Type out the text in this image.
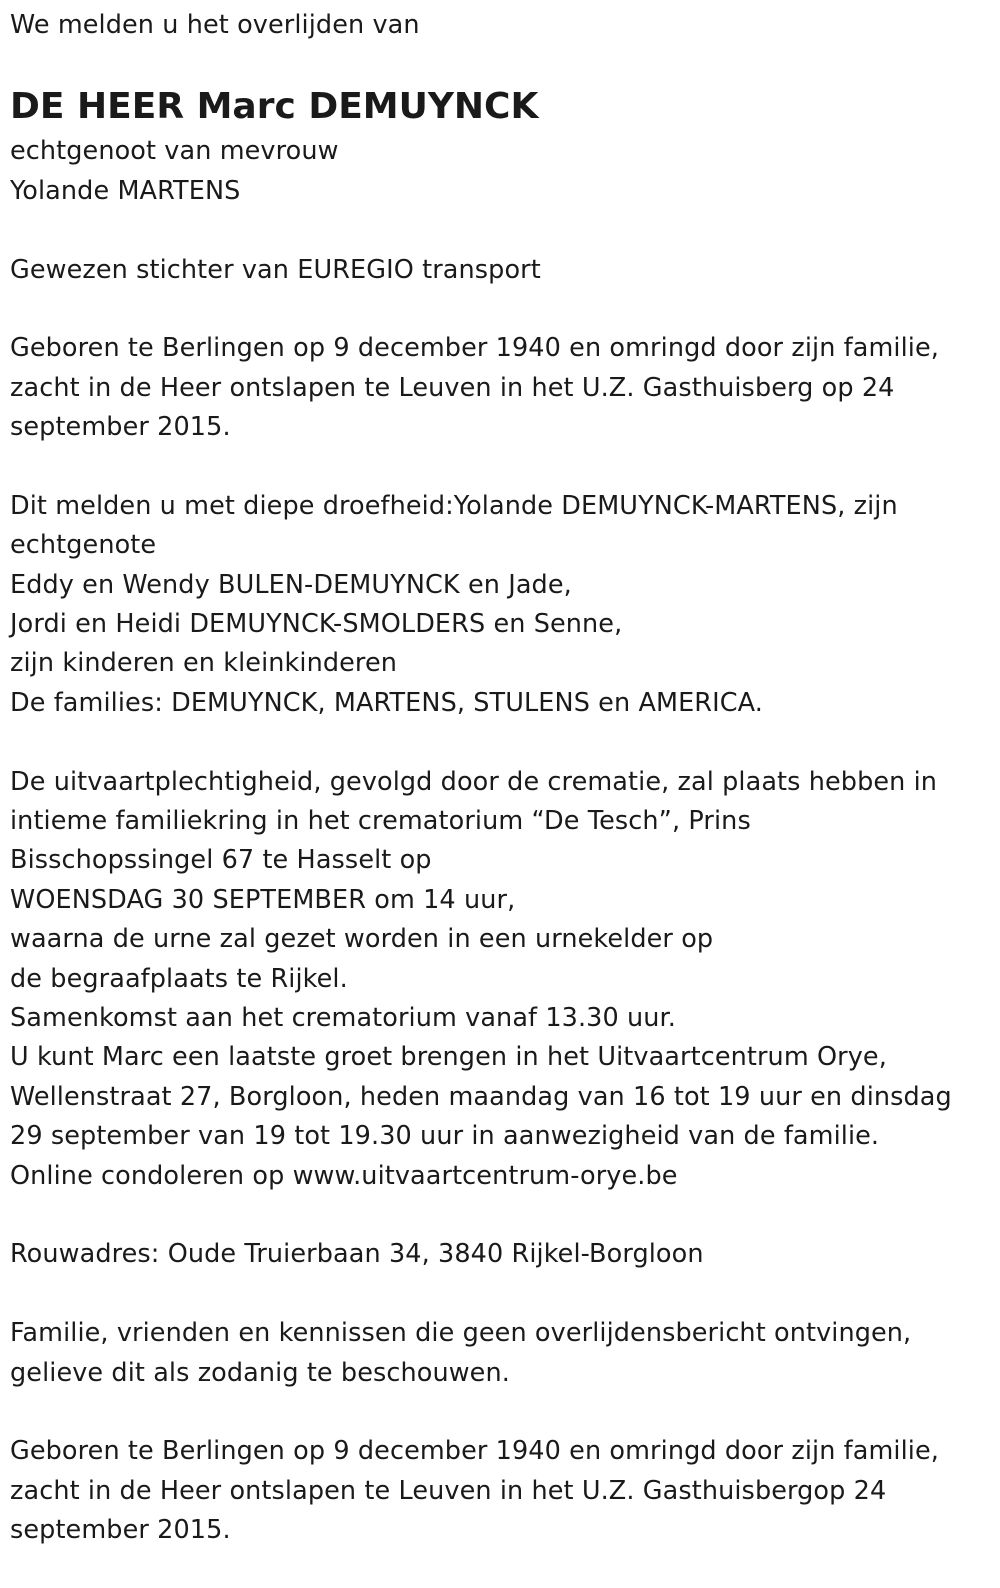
We melden u het overlijden van
DE HEER Marc DEMUYNCK
echtgenoot van mevrouw
Yolande MARTENS
Gewezen stichter van EUREGIO transport
Geboren te Berlingen op 9 december 1940 en omringd door zijn familie,
zacht in de Heer ontslapen te Leuven in het U.Z. Gasthuisberg op 24
september 2015.
Dit melden u met diepe droefheid:Yolande DEMUYNCK-MARTENS, zijn
echtgenote
Eddy en Wendy BULEN-DEMUYNCK en Jade,
Jordi en Heidi DEMUYNCK-SMOLDERS en Senne,
zijn kinderen en kleinkinderen
De families: DEMUYNCK, MARTENS, STULENS en AMERICA.
De uitvaartplechtigheid, gevolgd door de crematie, zal plaats hebben in
intieme familiekring in het crematorium “De Tesch”, Prins
Bisschopssingel 67 te Hasselt op
WOENSDAG 30 SEPTEMBER om 14 uur,
waarna de urne zal gezet worden in een urnekelder op
de begraafplaats te Rijkel.
Samenkomst aan het crematorium vanaf 13.30 uur.
U kunt Marc een laatste groet brengen in het Uitvaartcentrum Orye,
Wellenstraat 27, Borgloon, heden maandag van 16 tot 19 uur en dinsdag
29 september van 19 tot 19.30 uur in aanwezigheid van de familie.
Online condoleren op www.uitvaartcentrum-orye.be
Rouwadres: Oude Truierbaan 34, 3840 Rijkel-Borgloon
Familie, vrienden en kennissen die geen overlijdensbericht ontvingen,
gelieve dit als zodanig te beschouwen.
Geboren te Berlingen op 9 december 1940 en omringd door zijn familie,
zacht in de Heer ontslapen te Leuven in het U.Z. Gasthuisbergop 24
september 2015.
